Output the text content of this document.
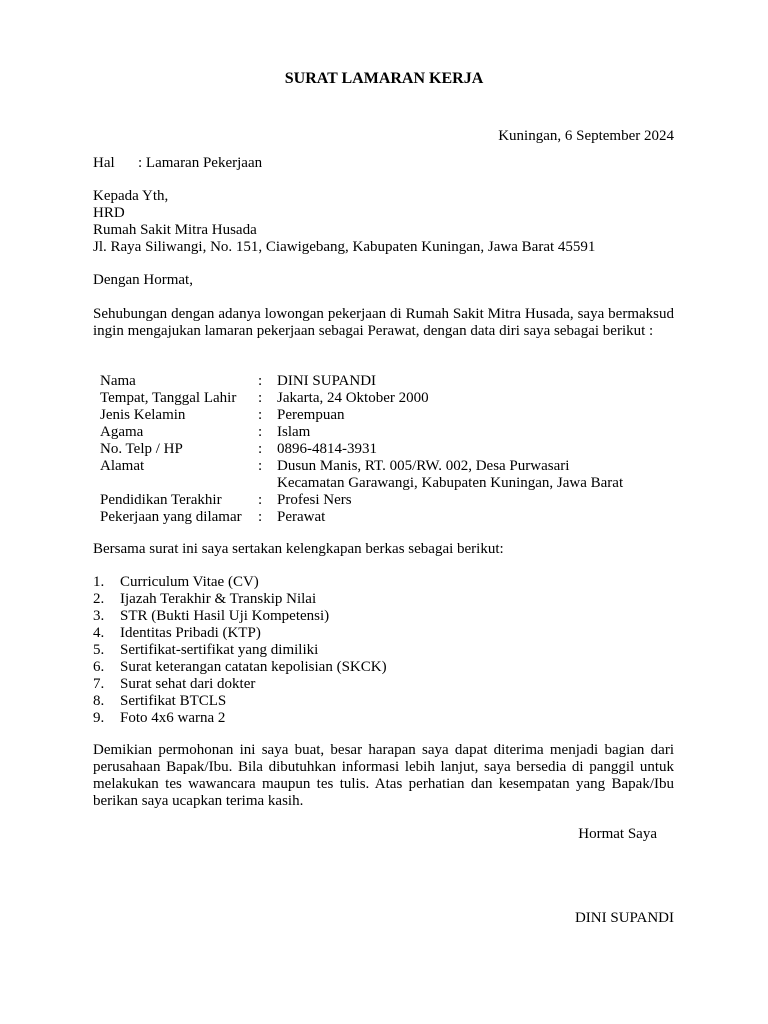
SURAT LAMARAN KERJA
Kuningan, 6 September 2024
Hal : Lamaran Pekerjaan
Kepada Yth,
HRD
Rumah Sakit Mitra Husada
Jl. Raya Siliwangi, No. 151, Ciawigebang, Kabupaten Kuningan, Jawa Barat 45591
Dengan Hormat,
Sehubungan dengan adanya lowongan pekerjaan di Rumah Sakit Mitra Husada, saya bermaksud ingin mengajukan lamaran pekerjaan sebagai Perawat, dengan data diri saya sebagai berikut :
Nama	: DINI SUPANDI
Tempat, Tanggal Lahir	: Jakarta, 24 Oktober 2000
Jenis Kelamin	: Perempuan
Agama	: Islam
No. Telp / HP	: 0896-4814-3931
Alamat	: Dusun Manis, RT. 005/RW. 002, Desa Purwasari
Kecamatan Garawangi, Kabupaten Kuningan, Jawa Barat
Pendidikan Terakhir	: Profesi Ners
Pekerjaan yang dilamar	: Perawat
Bersama surat ini saya sertakan kelengkapan berkas sebagai berikut:
1.	Curriculum Vitae (CV)
2.	Ijazah Terakhir & Transkip Nilai
3.	STR (Bukti Hasil Uji Kompetensi)
4.	Identitas Pribadi (KTP)
5.	Sertifikat-sertifikat yang dimiliki
6.	Surat keterangan catatan kepolisian (SKCK)
7.	Surat sehat dari dokter
8.	Sertifikat BTCLS
9.	Foto 4x6 warna 2
Demikian permohonan ini saya buat, besar harapan saya dapat diterima menjadi bagian dari perusahaan Bapak/Ibu. Bila dibutuhkan informasi lebih lanjut, saya bersedia di panggil untuk melakukan tes wawancara maupun tes tulis. Atas perhatian dan kesempatan yang Bapak/Ibu berikan saya ucapkan terima kasih.
Hormat Saya
DINI SUPANDI
